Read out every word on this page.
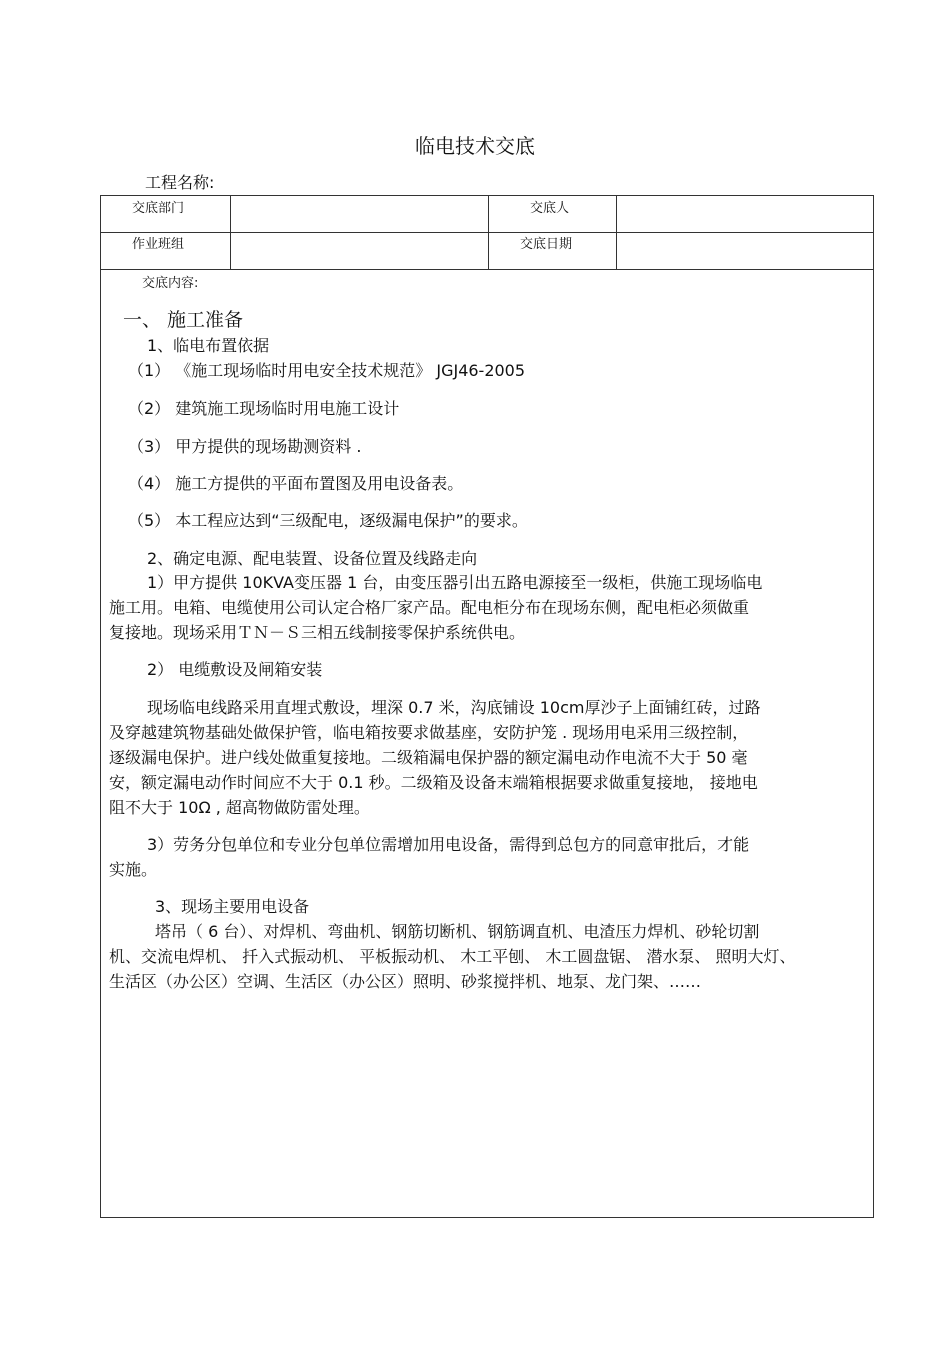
临电技术交底
工程名称:
交底部门	交底人
作业班组	交底日期
交底内容:
一、 施工准备
1、临电布置依据
（1） 《施工现场临时用电安全技术规范》 JGJ46-2005
（2） 建筑施工现场临时用电施工设计
（3） 甲方提供的现场勘测资料 .
（4） 施工方提供的平面布置图及用电设备表。
（5） 本工程应达到“三级配电，逐级漏电保护”的要求。
2、确定电源、配电装置、设备位置及线路走向
1）甲方提供 10KVA变压器 1 台，由变压器引出五路电源接至一级柜，供施工现场临电
施工用。电箱、电缆使用公司认定合格厂家产品。配电柜分布在现场东侧，配电柜必须做重
复接地。现场采用ＴＮ－Ｓ三相五线制接零保护系统供电。
2） 电缆敷设及闸箱安装
现场临电线路采用直埋式敷设，埋深 0.7 米，沟底铺设 10cm厚沙子上面铺红砖，过路
及穿越建筑物基础处做保护管，临电箱按要求做基座，安防护笼 . 现场用电采用三级控制，
逐级漏电保护。进户线处做重复接地。二级箱漏电保护器的额定漏电动作电流不大于 50 毫
安，额定漏电动作时间应不大于 0.1 秒。二级箱及设备末端箱根据要求做重复接地， 接地电
阻不大于 10Ω , 超高物做防雷处理。
3）劳务分包单位和专业分包单位需增加用电设备，需得到总包方的同意审批后，才能
实施。
3、现场主要用电设备
塔吊（ 6 台）、对焊机、弯曲机、钢筋切断机、钢筋调直机、电渣压力焊机、砂轮切割
机、交流电焊机、 扦入式振动机、 平板振动机、 木工平刨、 木工圆盘锯、 潜水泵、 照明大灯、
生活区（办公区）空调、生活区（办公区）照明、砂浆搅拌机、地泵、龙门架、……
